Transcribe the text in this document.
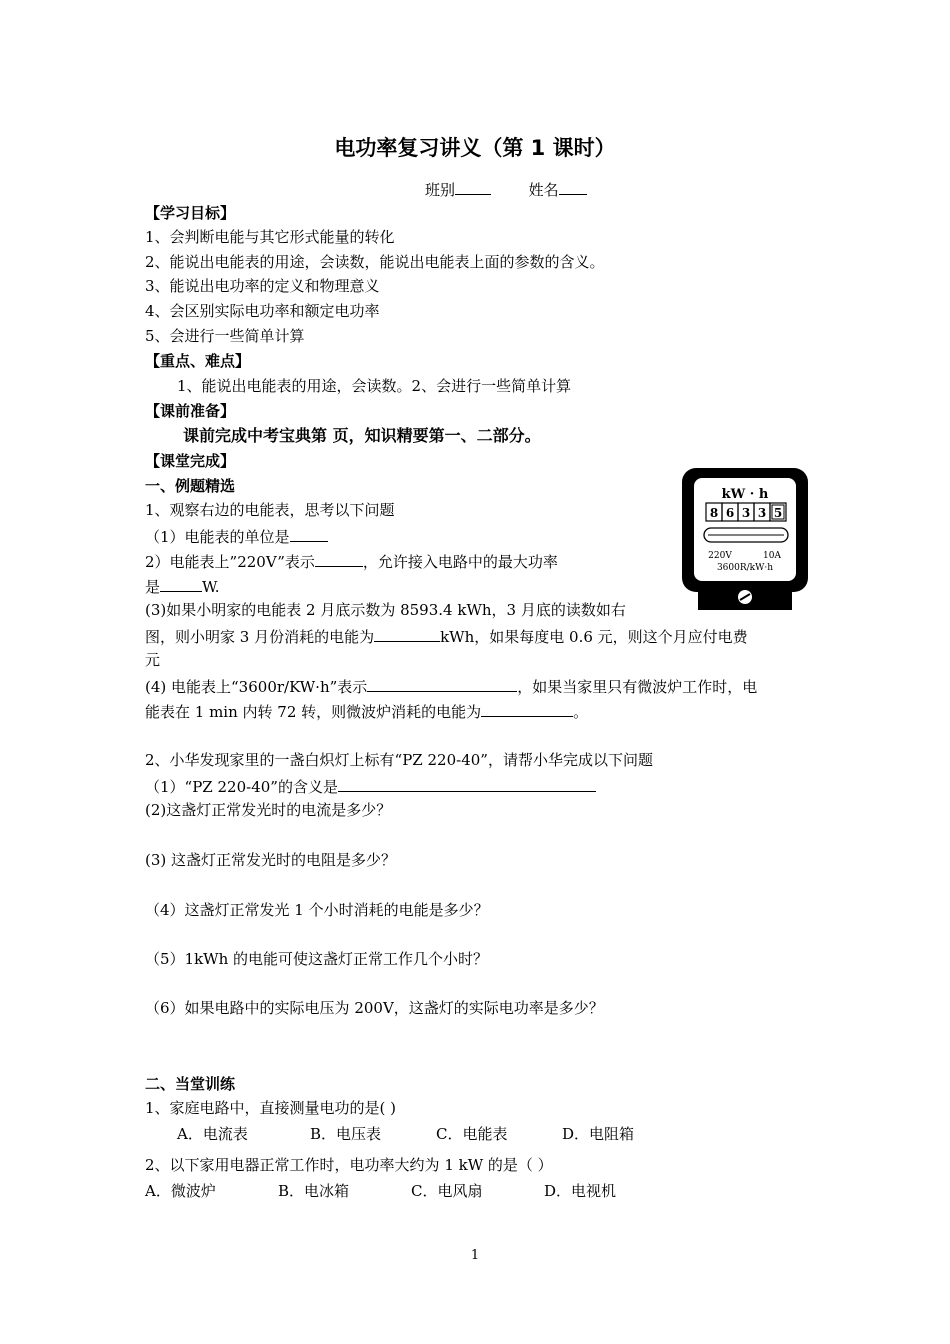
电功率复习讲义（第 1 课时）
班别	姓名
【学习目标】
1、会判断电能与其它形式能量的转化
2、能说出电能表的用途，会读数，能说出电能表上面的参数的含义。
3、能说出电功率的定义和物理意义
4、会区别实际电功率和额定电功率
5、会进行一些简单计算
【重点、难点】
1、能说出电能表的用途，会读数。2、会进行一些简单计算
【课前准备】
课前完成中考宝典第 页，知识精要第一、二部分。
【课堂完成】
一、例题精选
1、观察右边的电能表，思考以下问题
（1）电能表的单位是
2）电能表上”220V”表示	，允许接入电路中的最大功率
是	W.
(3)如果小明家的电能表 2 月底示数为 8593.4 kWh，3 月底的读数如右
图，则小明家 3 月份消耗的电能为	kWh，如果每度电 0.6 元，则这个月应付电费
元
(4) 电能表上“3600r/KW·h”表示	，如果当家里只有微波炉工作时，电
能表在 1 min 内转 72 转，则微波炉消耗的电能为	。
2、小华发现家里的一盏白炽灯上标有“PZ 220-40”，请帮小华完成以下问题
（1）“PZ 220-40”的含义是
(2)这盏灯正常发光时的电流是多少？
(3) 这盏灯正常发光时的电阻是多少？
（4）这盏灯正常发光 1 个小时消耗的电能是多少？
（5）1kWh 的电能可使这盏灯正常工作几个小时？
（6）如果电路中的实际电压为 200V，这盏灯的实际电功率是多少？
二、当堂训练
1、家庭电路中，直接测量电功的是( )
A．电流表	B．电压表	C．电能表	D．电阻箱
2、以下家用电器正常工作时，电功率大约为 1 kW 的是（ ）
A．微波炉	B．电冰箱	C．电风扇	D．电视机
kW · h
8 6 3 3 5
220V	10A
3600R/kW·h
1
